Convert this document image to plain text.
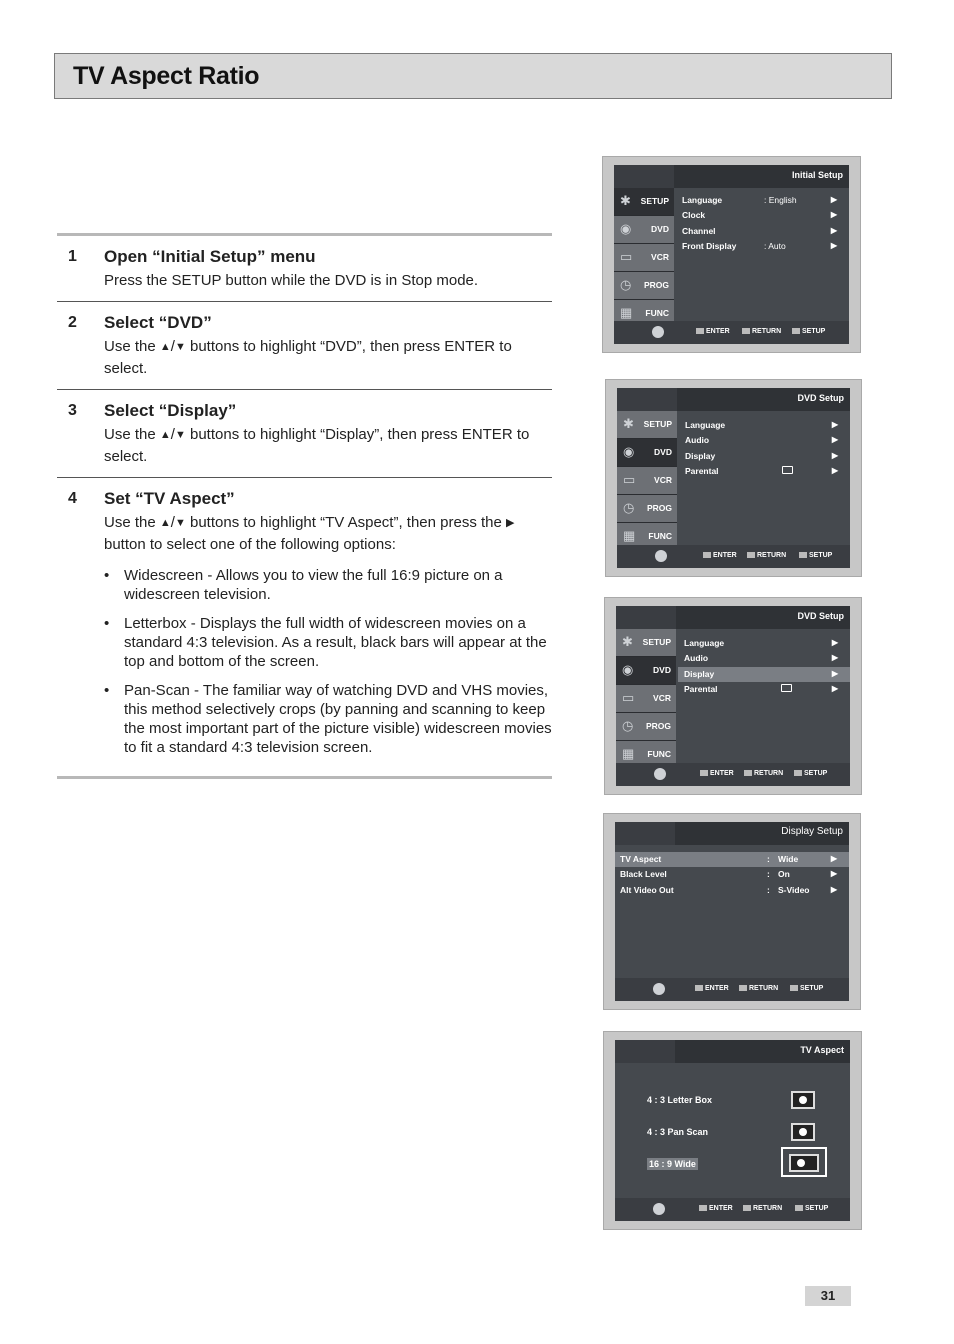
TV Aspect Ratio
1 Open “Initial Setup” menu
Press the SETUP button while the DVD is in Stop mode.
2 Select “DVD”
Use the ▲/▼ buttons to highlight “DVD”, then press ENTER to select.
3 Select “Display”
Use the ▲/▼ buttons to highlight “Display”, then press ENTER to select.
4 Set “TV Aspect”
Use the ▲/▼ buttons to highlight “TV Aspect”, then press the ▶ button to select one of the following options:
• Widescreen - Allows you to view the full 16:9 picture on a widescreen television.
• Letterbox - Displays the full width of widescreen movies on a standard 4:3 television. As a result, black bars will appear at the top and bottom of the screen.
• Pan-Scan - The familiar way of watching DVD and VHS movies, this method selectively crops (by panning and scanning to keep the most important part of the picture visible) widescreen movies to fit a standard 4:3 television screen.
Initial Setup
✱ SETUP
◉ DVD
▭ VCR
◷ PROG
▦ FUNC
Language	: English	▶
Clock	▶
Channel	▶
Front Display	: Auto	▶
ENTER	RETURN	SETUP
DVD Setup
✱ SETUP
◉ DVD
▭ VCR
◷ PROG
▦ FUNC
Language	▶
Audio	▶
Display	▶
Parental	▶
ENTER	RETURN	SETUP
DVD Setup
✱ SETUP
◉ DVD
▭ VCR
◷ PROG
▦ FUNC
Language	▶
Audio	▶
Display	▶
Parental	▶
ENTER	RETURN	SETUP
Display Setup
TV Aspect	: Wide	▶
Black Level	: On	▶
Alt Video Out	: S-Video	▶
ENTER	RETURN	SETUP
TV Aspect
4 : 3 Letter Box
4 : 3 Pan Scan
16 : 9 Wide
ENTER	RETURN	SETUP
31
